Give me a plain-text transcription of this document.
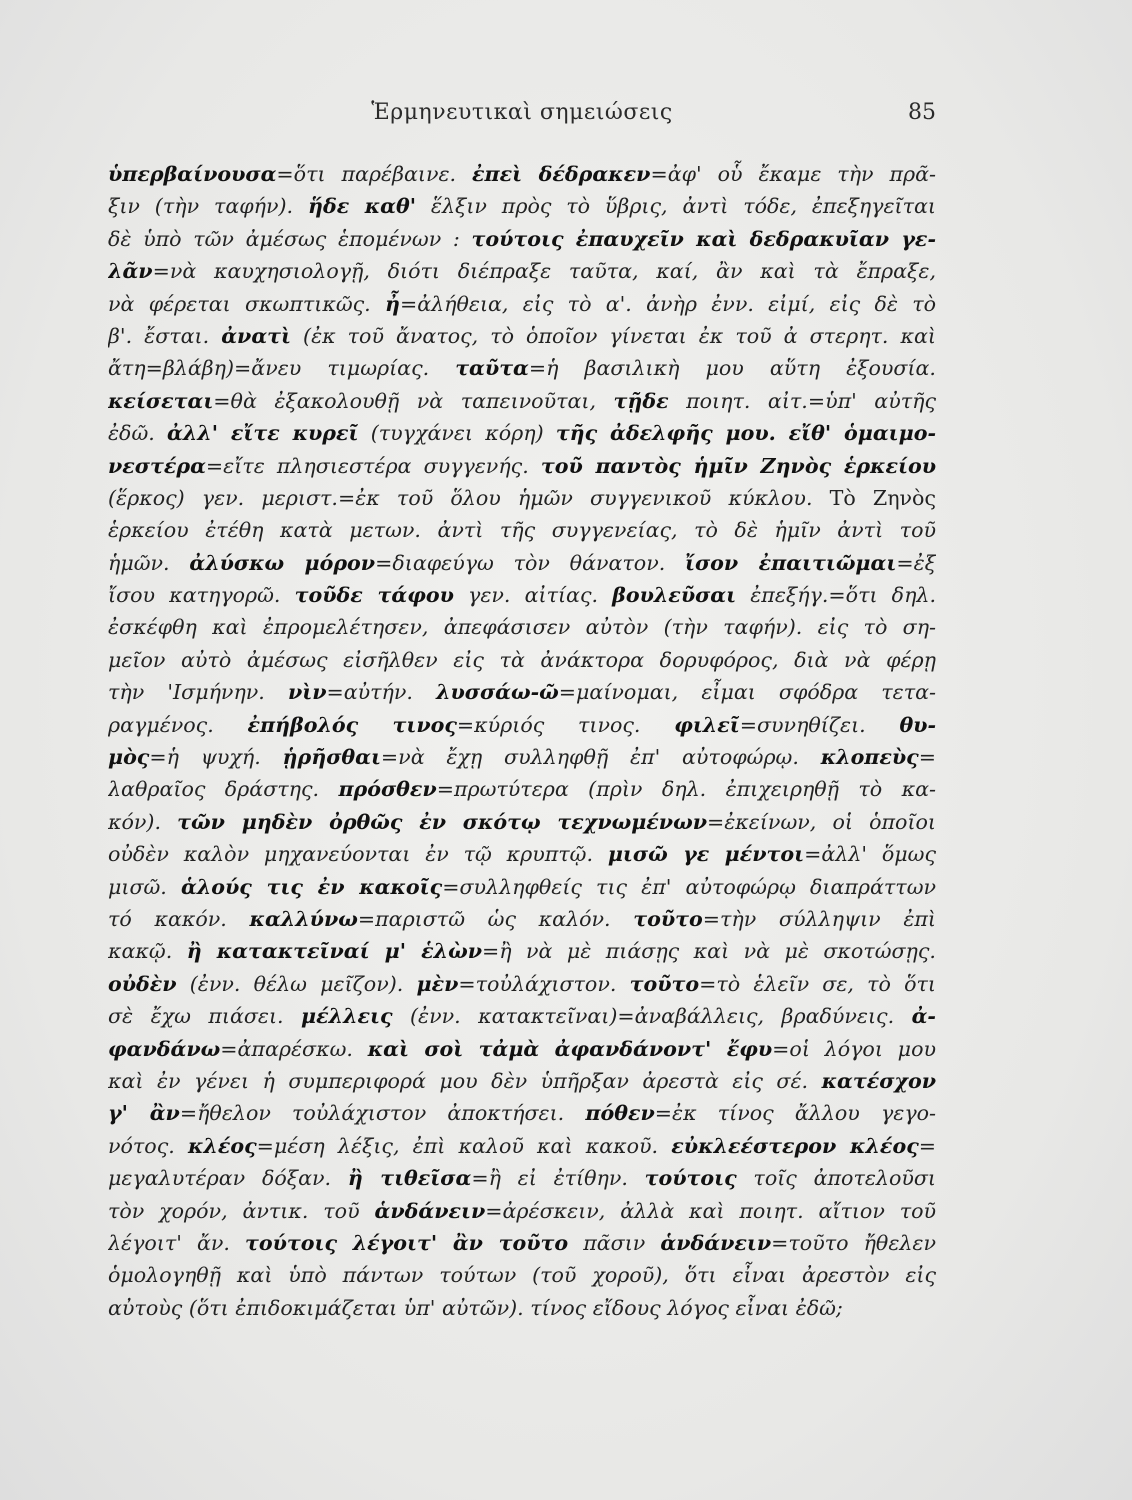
Ἑρμηνευτικαὶ σημειώσεις	85
ὑπερβαίνουσα=ὅτι παρέβαινε. ἐπεὶ δέδρακεν=ἀφ' οὗ ἔκαμε τὴν πρᾶ-
ξιν (τὴν ταφήν). ἥδε καθ' ἕλξιν πρὸς τὸ ὕβρις, ἀντὶ τόδε, ἐπεξηγεῖται
δὲ ὑπὸ τῶν ἀμέσως ἑπομένων : τούτοις ἐπαυχεῖν καὶ δεδρακυῖαν γε-
λᾶν=νὰ καυχησιολογῇ, διότι διέπραξε ταῦτα, καί, ἂν καὶ τὰ ἔπραξε,
νὰ φέρεται σκωπτικῶς. ἦ=ἀλήθεια, εἰς τὸ α'. ἀνὴρ ἐνν. εἰμί, εἰς δὲ τὸ
β'. ἔσται. ἀνατὶ (ἐκ τοῦ ἄνατος, τὸ ὁποῖον γίνεται ἐκ τοῦ ἀ στερητ. καὶ
ἄτη=βλάβη)=ἄνευ τιμωρίας. ταῦτα=ἡ βασιλικὴ μου αὕτη ἐξουσία.
κείσεται=θὰ ἐξακολουθῇ νὰ ταπεινοῦται, τῇδε ποιητ. αἰτ.=ὑπ' αὐτῆς
ἐδῶ. ἀλλ' εἴτε κυρεῖ (τυγχάνει κόρη) τῆς ἀδελφῆς μου. εἴθ' ὁμαιμο-
νεστέρα=εἴτε πλησιεστέρα συγγενής. τοῦ παντὸς ἡμῖν Ζηνὸς ἑρκείου
(ἕρκος) γεν. μεριστ.=ἐκ τοῦ ὅλου ἡμῶν συγγενικοῦ κύκλου. Τὸ Ζηνὸς
ἑρκείου ἐτέθη κατὰ μετων. ἀντὶ τῆς συγγενείας, τὸ δὲ ἡμῖν ἀντὶ τοῦ
ἡμῶν. ἀλύσκω μόρον=διαφεύγω τὸν θάνατον. ἴσον ἐπαιτιῶμαι=ἐξ
ἴσου κατηγορῶ. τοῦδε τάφου γεν. αἰτίας. βουλεῦσαι ἐπεξήγ.=ὅτι δηλ.
ἐσκέφθη καὶ ἐπρομελέτησεν, ἀπεφάσισεν αὐτὸν (τὴν ταφήν). εἰς τὸ ση-
μεῖον αὐτὸ ἀμέσως εἰσῆλθεν εἰς τὰ ἀνάκτορα δορυφόρος, διὰ νὰ φέρῃ
τὴν 'Ισμήνην. νὶν=αὐτήν. λυσσάω-ῶ=μαίνομαι, εἶμαι σφόδρα τετα-
ραγμένος. ἐπήβολός τινος=κύριός τινος. φιλεῖ=συνηθίζει. θυ-
μὸς=ἡ ψυχή. ᾑρῆσθαι=νὰ ἔχῃ συλληφθῇ ἐπ' αὐτοφώρῳ. κλοπεὺς=
λαθραῖος δράστης. πρόσθεν=πρωτύτερα (πρὶν δηλ. ἐπιχειρηθῇ τὸ κα-
κόν). τῶν μηδὲν ὀρθῶς ἐν σκότῳ τεχνωμένων=ἐκείνων, οἱ ὁποῖοι
οὐδὲν καλὸν μηχανεύονται ἐν τῷ κρυπτῷ. μισῶ γε μέντοι=ἀλλ' ὅμως
μισῶ. ἁλούς τις ἐν κακοῖς=συλληφθείς τις ἐπ' αὐτοφώρῳ διαπράττων
τό κακόν. καλλύνω=παριστῶ ὡς καλόν. τοῦτο=τὴν σύλληψιν ἐπὶ
κακῷ. ἢ κατακτεῖναί μ' ἑλὼν=ἢ νὰ μὲ πιάσῃς καὶ νὰ μὲ σκοτώσῃς.
οὐδὲν (ἐνν. θέλω μεῖζον). μὲν=τοὐλάχιστον. τοῦτο=τὸ ἑλεῖν σε, τὸ ὅτι
σὲ ἔχω πιάσει. μέλλεις (ἐνν. κατακτεῖναι)=ἀναβάλλεις, βραδύνεις. ἀ-
φανδάνω=ἀπαρέσκω. καὶ σοὶ τἀμὰ ἀφανδάνοντ' ἔφυ=οἱ λόγοι μου
καὶ ἐν γένει ἡ συμπεριφορά μου δὲν ὑπῆρξαν ἀρεστὰ εἰς σέ. κατέσχον
γ' ἂν=ἤθελον τοὐλάχιστον ἀποκτήσει. πόθεν=ἐκ τίνος ἄλλου γεγο-
νότος. κλέος=μέση λέξις, ἐπὶ καλοῦ καὶ κακοῦ. εὐκλεέστερον κλέος=
μεγαλυτέραν δόξαν. ἢ τιθεῖσα=ἢ εἰ ἐτίθην. τούτοις τοῖς ἀποτελοῦσι
τὸν χορόν, ἀντικ. τοῦ ἁνδάνειν=ἀρέσκειν, ἀλλὰ καὶ ποιητ. αἴτιον τοῦ
λέγοιτ' ἄν. τούτοις λέγοιτ' ἂν τοῦτο πᾶσιν ἁνδάνειν=τοῦτο ἤθελεν
ὁμολογηθῇ καὶ ὑπὸ πάντων τούτων (τοῦ χοροῦ), ὅτι εἶναι ἀρεστὸν εἰς
αὐτοὺς (ὅτι ἐπιδοκιμάζεται ὑπ' αὐτῶν). τίνος εἴδους λόγος εἶναι ἐδῶ;
